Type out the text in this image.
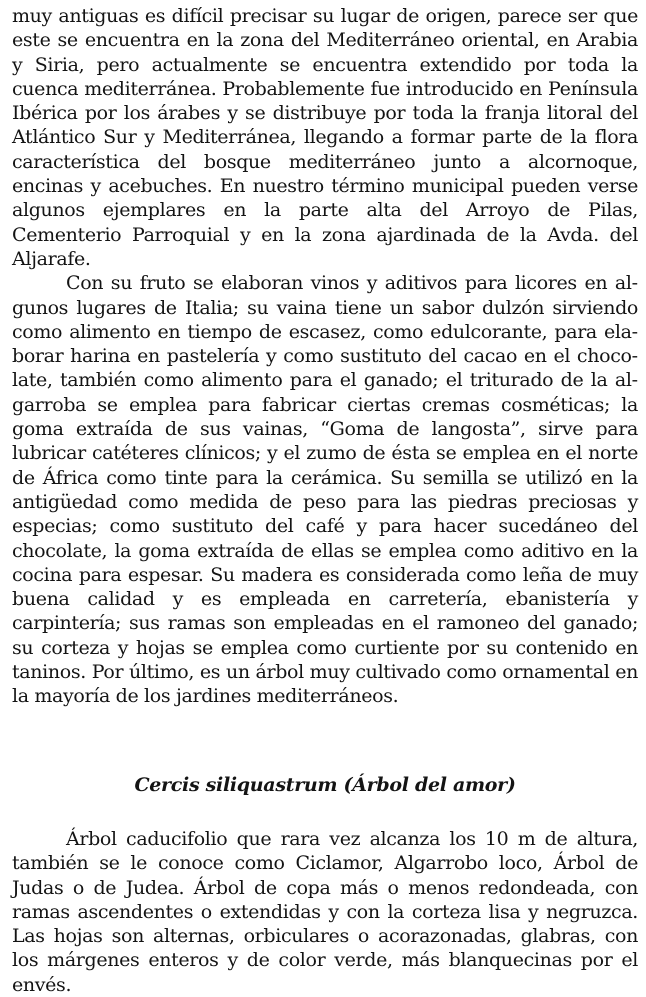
muy antiguas es difícil precisar su lugar de origen, parece ser que este se encuentra en la zona del Mediterráneo oriental, en Arabia y Siria, pero actualmente se encuentra extendido por toda la cuenca mediterránea. Probablemente fue introducido en Península Ibérica por los árabes y se distribuye por toda la franja litoral del Atlántico Sur y Mediterránea, llegando a formar parte de la flora característica del bosque mediterráneo junto a alcornoque, encinas y acebuches. En nuestro término municipal pueden verse algunos ejemplares en la parte alta del Arroyo de Pilas, Cementerio Parroquial y en la zona ajardinada de la Avda. del Aljarafe.

Con su fruto se elaboran vinos y aditivos para licores en algunos lugares de Italia; su vaina tiene un sabor dulzón sirviendo como alimento en tiempo de escasez, como edulcorante, para elaborar harina en pastelería y como sustituto del cacao en el chocolate, también como alimento para el ganado; el triturado de la algarroba se emplea para fabricar ciertas cremas cosméticas; la goma extraída de sus vainas, “Goma de langosta”, sirve para lubricar catéteres clínicos; y el zumo de ésta se emplea en el norte de África como tinte para la cerámica. Su semilla se utilizó en la antigüedad como medida de peso para las piedras preciosas y especias; como sustituto del café y para hacer sucedáneo del chocolate, la goma extraída de ellas se emplea como aditivo en la cocina para espesar. Su madera es considerada como leña de muy buena calidad y es empleada en carretería, ebanistería y carpintería; sus ramas son empleadas en el ramoneo del ganado; su corteza y hojas se emplea como curtiente por su contenido en taninos. Por último, es un árbol muy cultivado como ornamental en la mayoría de los jardines mediterráneos.

Cercis siliquastrum (Árbol del amor)

Árbol caducifolio que rara vez alcanza los 10 m de altura, también se le conoce como Ciclamor, Algarrobo loco, Árbol de Judas o de Judea. Árbol de copa más o menos redondeada, con ramas ascendentes o extendidas y con la corteza lisa y negruzca. Las hojas son alternas, orbiculares o acorazonadas, glabras, con los márgenes enteros y de color verde, más blanquecinas por el envés.
